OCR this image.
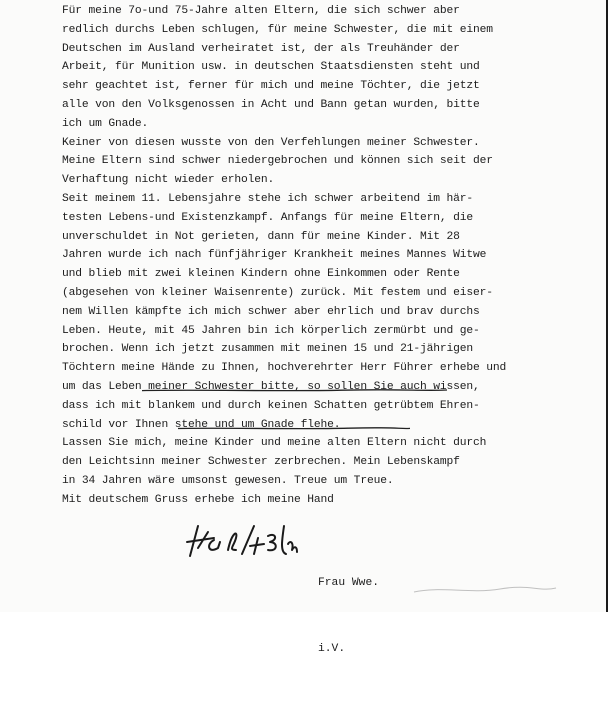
Für meine 7o-und 75-Jahre alten Eltern, die sich schwer aber
redlich durchs Leben schlugen, für meine Schwester, die mit einem
Deutschen im Ausland verheiratet ist, der als Treuhänder der
Arbeit, für Munition usw. in deutschen Staatsdiensten steht und
sehr geachtet ist, ferner für mich und meine Töchter, die jetzt
alle von den Volksgenossen in Acht und Bann getan wurden, bitte
ich um Gnade.
Keiner von diesen wusste von den Verfehlungen meiner Schwester.
Meine Eltern sind schwer niedergebrochen und können sich seit der
Verhaftung nicht wieder erholen.
Seit meinem 11. Lebensjahre stehe ich schwer arbeitend im här-
testen Lebens-und Existenzkampf. Anfangs für meine Eltern, die
unverschuldet in Not gerieten, dann für meine Kinder. Mit 28
Jahren wurde ich nach fünfjähriger Krankheit meines Mannes Witwe
und blieb mit zwei kleinen Kindern ohne Einkommen oder Rente
(abgesehen von kleiner Waisenrente) zurück. Mit festem und eiser-
nem Willen kämpfte ich mich schwer aber ehrlich und brav durchs
Leben. Heute, mit 45 Jahren bin ich körperlich zermürbt und ge-
brochen. Wenn ich jetzt zusammen mit meinen 15 und 21-jährigen
Töchtern meine Hände zu Ihnen, hochverehrter Herr Führer erhebe und
um das Leben meiner Schwester bitte, so sollen Sie auch wissen,
dass ich mit blankem und durch keinen Schatten getrübtem Ehren-
schild vor Ihnen stehe und um Gnade flehe.
Lassen Sie mich, meine Kinder und meine alten Eltern nicht durch
den Leichtsinn meiner Schwester zerbrechen. Mein Lebenskampf
in 34 Jahren wäre umsonst gewesen. Treue um Treue.
Mit deutschem Gruss erhebe ich meine Hand

Frau Wwe.

i.V.
